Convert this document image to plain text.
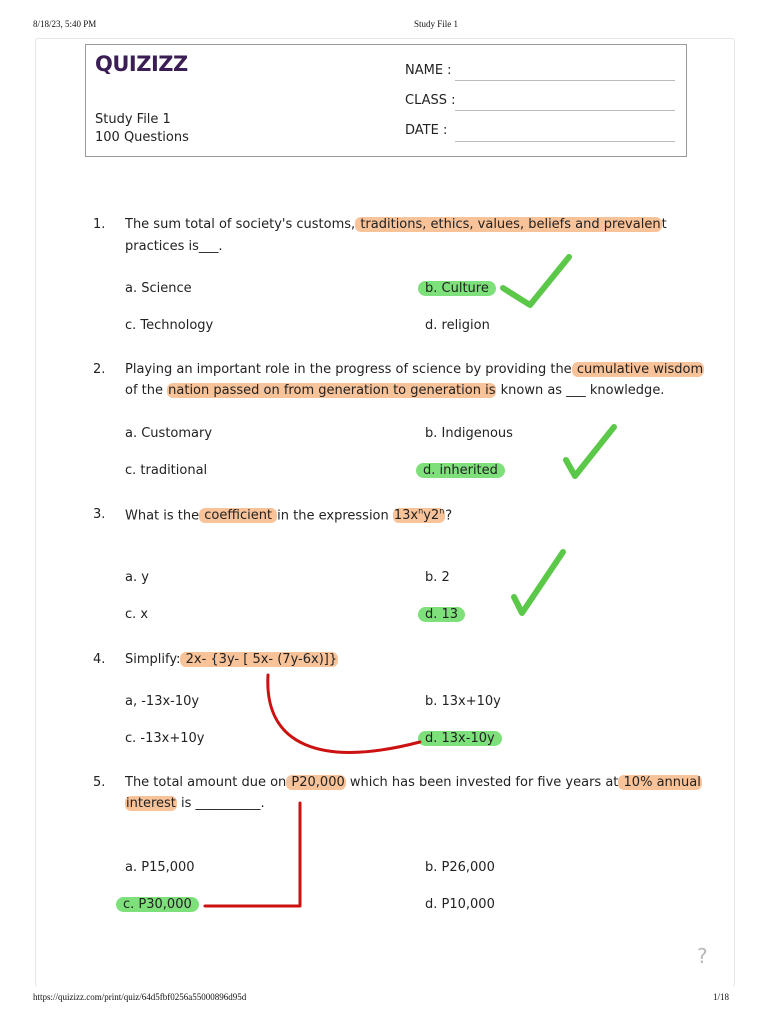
8/18/23, 5:40 PM	Study File 1
QUIZIZZ
Study File 1
100 Questions
NAME :
CLASS :
DATE :
1. The sum total of society's customs, traditions, ethics, values, beliefs and prevalent
practices is___.
a. Science	b. Culture
c. Technology	d. religion
2. Playing an important role in the progress of science by providing the cumulative wisdom
of the nation passed on from generation to generation is known as ___ knowledge.
a. Customary	b. Indigenous
c. traditional	d. inherited
3. What is the coefficient in the expression $13x^ny2^n$?
a. y	b. 2
c. x	d. 13
4. Simplify: 2x- {3y- [ 5x- (7y-6x)]}
a, -13x-10y	b. 13x+10y
c. -13x+10y	d. 13x-10y
5. The total amount due on P20,000 which has been invested for five years at 10% annual
interest is __________.
a. P15,000	b. P26,000
c. P30,000	d. P10,000
?
https://quizizz.com/print/quiz/64d5fbf0256a55000896d95d	1/18
